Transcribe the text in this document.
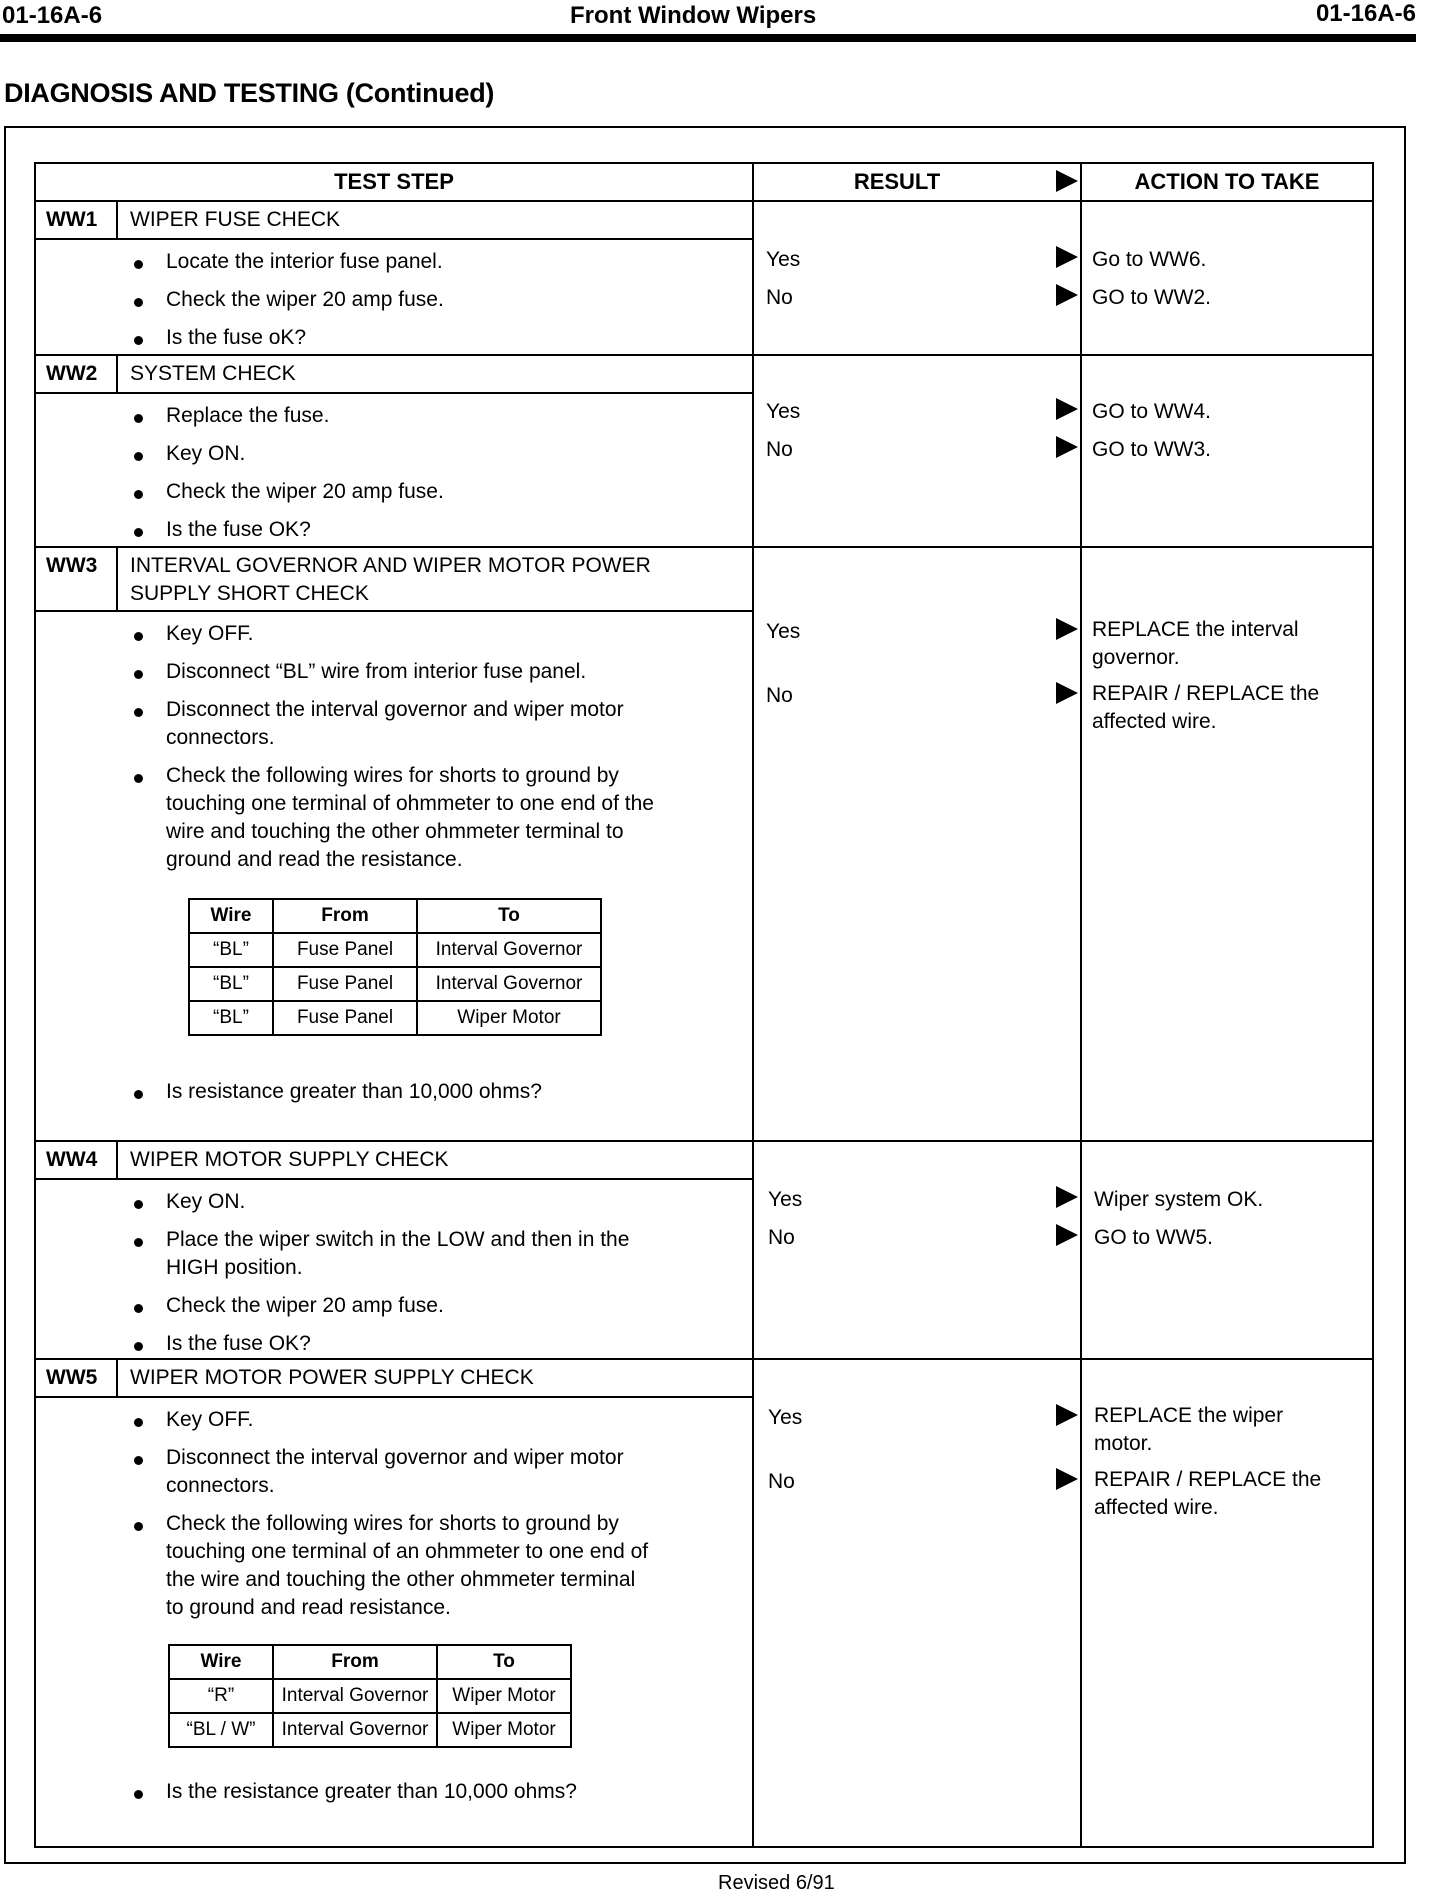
01-16A-6	Front Window Wipers	01-16A-6
DIAGNOSIS AND TESTING (Continued)
TEST STEP	RESULT	ACTION TO TAKE
WW1 WIPER FUSE CHECK
Locate the interior fuse panel.
Check the wiper 20 amp fuse.
Is the fuse oK?
Yes	Go to WW6.
No	GO to WW2.
WW2 SYSTEM CHECK
Replace the fuse.
Key ON.
Check the wiper 20 amp fuse.
Is the fuse OK?
Yes	GO to WW4.
No	GO to WW3.
WW3 INTERVAL GOVERNOR AND WIPER MOTOR POWER
SUPPLY SHORT CHECK
Key OFF.
Disconnect “BL” wire from interior fuse panel.
Disconnect the interval governor and wiper motor
connectors.
Check the following wires for shorts to ground by
touching one terminal of ohmmeter to one end of the
wire and touching the other ohmmeter terminal to
ground and read the resistance.
Wire	From	To
“BL”	Fuse Panel	Interval Governor
“BL”	Fuse Panel	Interval Governor
“BL”	Fuse Panel	Wiper Motor
Is resistance greater than 10,000 ohms?
Yes	REPLACE the interval
governor.
No	REPAIR / REPLACE the
affected wire.
WW4 WIPER MOTOR SUPPLY CHECK
Key ON.
Place the wiper switch in the LOW and then in the
HIGH position.
Check the wiper 20 amp fuse.
Is the fuse OK?
Yes	Wiper system OK.
No	GO to WW5.
WW5 WIPER MOTOR POWER SUPPLY CHECK
Key OFF.
Disconnect the interval governor and wiper motor
connectors.
Check the following wires for shorts to ground by
touching one terminal of an ohmmeter to one end of
the wire and touching the other ohmmeter terminal
to ground and read resistance.
Wire	From	To
“R”	Interval Governor	Wiper Motor
“BL / W”	Interval Governor	Wiper Motor
Is the resistance greater than 10,000 ohms?
Yes	REPLACE the wiper
motor.
No	REPAIR / REPLACE the
affected wire.
Revised 6/91
